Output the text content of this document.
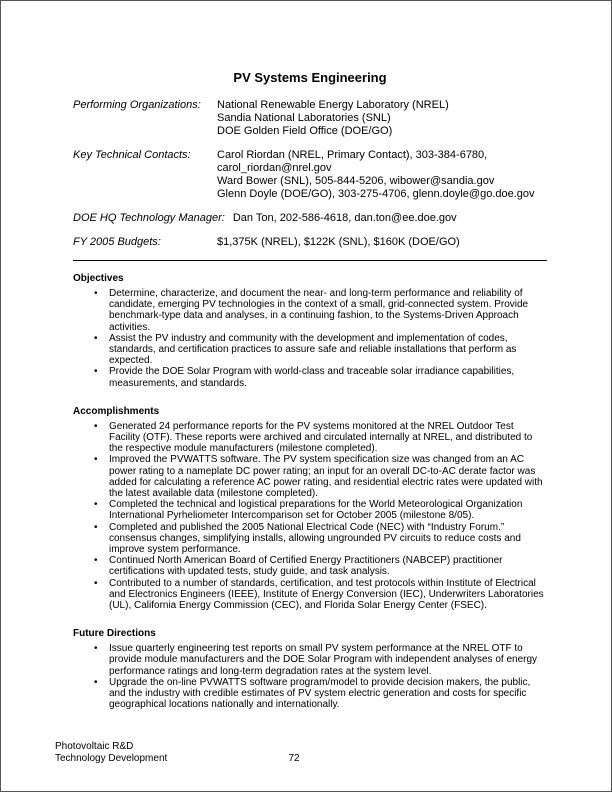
PV Systems Engineering
Performing Organizations:	National Renewable Energy Laboratory (NREL)
Sandia National Laboratories (SNL)
DOE Golden Field Office (DOE/GO)
Key Technical Contacts:	Carol Riordan (NREL, Primary Contact), 303-384-6780,
carol_riordan@nrel.gov
Ward Bower (SNL), 505-844-5206, wibower@sandia.gov
Glenn Doyle (DOE/GO), 303-275-4706, glenn.doyle@go.doe.gov
DOE HQ Technology Manager: Dan Ton, 202-586-4618, dan.ton@ee.doe.gov
FY 2005 Budgets:	$1,375K (NREL), $122K (SNL), $160K (DOE/GO)
Objectives
• Determine, characterize, and document the near- and long-term performance and reliability of candidate, emerging PV technologies in the context of a small, grid-connected system. Provide benchmark-type data and analyses, in a continuing fashion, to the Systems-Driven Approach activities.
• Assist the PV industry and community with the development and implementation of codes, standards, and certification practices to assure safe and reliable installations that perform as expected.
• Provide the DOE Solar Program with world-class and traceable solar irradiance capabilities, measurements, and standards.
Accomplishments
• Generated 24 performance reports for the PV systems monitored at the NREL Outdoor Test Facility (OTF). These reports were archived and circulated internally at NREL, and distributed to the respective module manufacturers (milestone completed).
• Improved the PVWATTS software. The PV system specification size was changed from an AC power rating to a nameplate DC power rating; an input for an overall DC-to-AC derate factor was added for calculating a reference AC power rating, and residential electric rates were updated with the latest available data (milestone completed).
• Completed the technical and logistical preparations for the World Meteorological Organization International Pyrheliometer Intercomparison set for October 2005 (milestone 8/05).
• Completed and published the 2005 National Electrical Code (NEC) with “Industry Forum.” consensus changes, simplifying installs, allowing ungrounded PV circuits to reduce costs and improve system performance.
• Continued North American Board of Certified Energy Practitioners (NABCEP) practitioner certifications with updated tests, study guide, and task analysis.
• Contributed to a number of standards, certification, and test protocols within Institute of Electrical and Electronics Engineers (IEEE), Institute of Energy Conversion (IEC), Underwriters Laboratories (UL), California Energy Commission (CEC), and Florida Solar Energy Center (FSEC).
Future Directions
• Issue quarterly engineering test reports on small PV system performance at the NREL OTF to provide module manufacturers and the DOE Solar Program with independent analyses of energy performance ratings and long-term degradation rates at the system level.
• Upgrade the on-line PVWATTS software program/model to provide decision makers, the public, and the industry with credible estimates of PV system electric generation and costs for specific geographical locations nationally and internationally.
Photovoltaic R&D
Technology Development	72
